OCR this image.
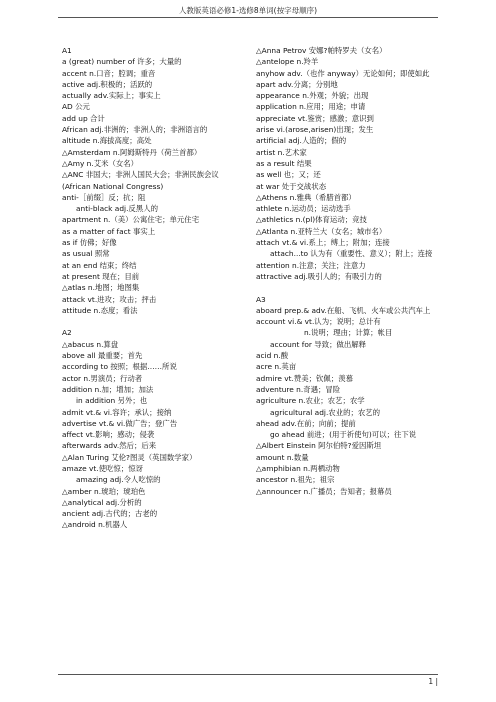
人教版英语必修1-选修8单词(按字母顺序)
A1
a (great) number of 许多；大量的
accent n.口音；腔调；重音
active adj.积极的；活跃的
actually adv.实际上；事实上
AD 公元
add up 合计
African adj.非洲的；非洲人的；非洲语言的
altitude n.海拔高度；高处
△Amsterdam n.阿姆斯特丹（荷兰首都）
△Amy n.艾米（女名）
△ANC 非国大；非洲人国民大会；非洲民族会议(African National Congress)
anti-［前缀］反；抗；阻
anti-black adj.反黑人的
apartment n.（美）公寓住宅；单元住宅
as a matter of fact 事实上
as if 仿佛；好像
as usual 照常
at an end 结束；终结
at present 现在；目前
△atlas n.地图；地图集
attack vt.进攻；攻击；抨击
attitude n.态度；看法
A2
△abacus n.算盘
above all 最重要；首先
according to 按照；根据……所说
actor n.男演员；行动者
addition n.加；增加；加法
in addition 另外；也
admit vt.& vi.容许；承认；接纳
advertise vt.& vi.做广告；登广告
affect vt.影响；感动；侵袭
afterwards adv.然后；后来
△Alan Turing 艾伦?图灵（英国数学家）
amaze vt.使吃惊；惊讶
amazing adj.令人吃惊的
△amber n.琥珀；琥珀色
△analytical adj.分析的
ancient adj.古代的；古老的
△android n.机器人
△Anna Petrov 安娜?帕特罗夫（女名）
△antelope n.羚羊
anyhow adv.（也作 anyway）无论如何；即使如此
apart adv.分离；分别地
appearance n.外观；外貌；出现
application n.应用；用途；申请
appreciate vt.鉴赏；感激；意识到
arise vi.(arose,arisen)出现；发生
artificial adj.人造的；假的
artist n.艺术家
as a result 结果
as well 也；又；还
at war 处于交战状态
△Athens n.雅典（希腊首都）
athlete n.运动员；运动选手
△athletics n.(pl)体育运动；竞技
△Atlanta n.亚特兰大（女名；城市名）
attach vt.& vi.系上；缚上；附加；连接
attach...to 认为有（重要性、意义）；附上；连接
attention n.注意；关注；注意力
attractive adj.吸引人的；有吸引力的
A3
aboard prep.& adv.在船、飞机、火车或公共汽车上
account vi.& vt.认为；说明；总计有
n.说明；理由；计算；帐目
account for 导致；做出解释
acid n.酸
acre n.英亩
admire vt.赞美；钦佩；羡慕
adventure n.奇遇；冒险
agriculture n.农业；农艺；农学
agricultural adj.农业的；农艺的
ahead adv.在前；向前；提前
go ahead 前进；(用于祈使句)可以；往下说
△Albert Einstein 阿尔伯特?爱因斯坦
amount n.数量
△amphibian n.两栖动物
ancestor n.祖先；祖宗
△announcer n.广播员；告知者；报幕员
1 |
